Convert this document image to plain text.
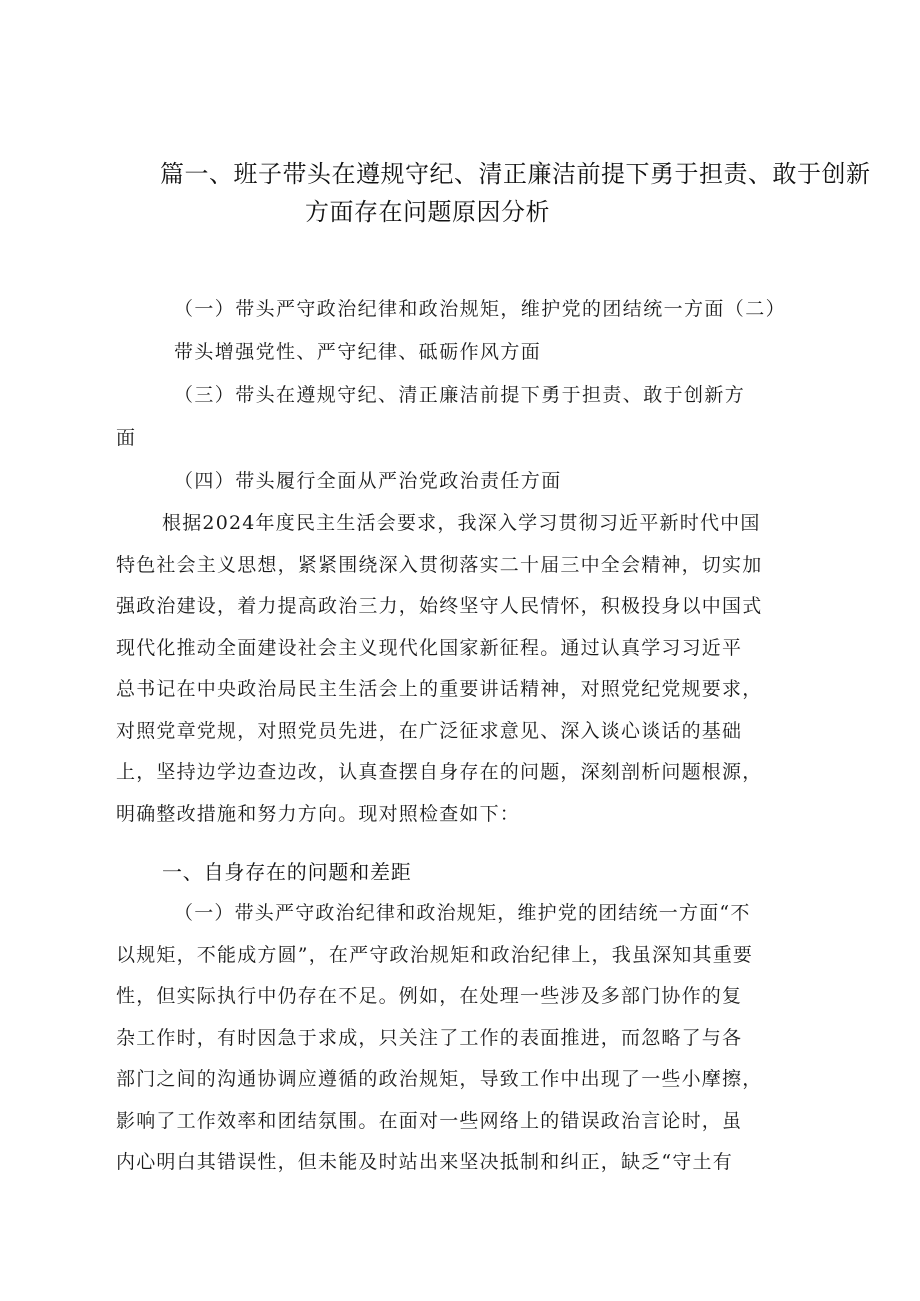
篇一、班子带头在遵规守纪、清正廉洁前提下勇于担责、敢于创新
方面存在问题原因分析
（一）带头严守政治纪律和政治规矩，维护党的团结统一方面（二）
带头增强党性、严守纪律、砥砺作风方面
（三）带头在遵规守纪、清正廉洁前提下勇于担责、敢于创新方
面
（四）带头履行全面从严治党政治责任方面
根据2024年度民主生活会要求，我深入学习贯彻习近平新时代中国
特色社会主义思想，紧紧围绕深入贯彻落实二十届三中全会精神，切实加
强政治建设，着力提高政治三力，始终坚守人民情怀，积极投身以中国式
现代化推动全面建设社会主义现代化国家新征程。通过认真学习习近平
总书记在中央政治局民主生活会上的重要讲话精神，对照党纪党规要求，
对照党章党规，对照党员先进，在广泛征求意见、深入谈心谈话的基础
上，坚持边学边查边改，认真查摆自身存在的问题，深刻剖析问题根源，
明确整改措施和努力方向。现对照检查如下：
一、自身存在的问题和差距
（一）带头严守政治纪律和政治规矩，维护党的团结统一方面“不
以规矩，不能成方圆”，在严守政治规矩和政治纪律上，我虽深知其重要
性，但实际执行中仍存在不足。例如，在处理一些涉及多部门协作的复
杂工作时，有时因急于求成，只关注了工作的表面推进，而忽略了与各
部门之间的沟通协调应遵循的政治规矩，导致工作中出现了一些小摩擦，
影响了工作效率和团结氛围。在面对一些网络上的错误政治言论时，虽
内心明白其错误性，但未能及时站出来坚决抵制和纠正，缺乏“守土有
